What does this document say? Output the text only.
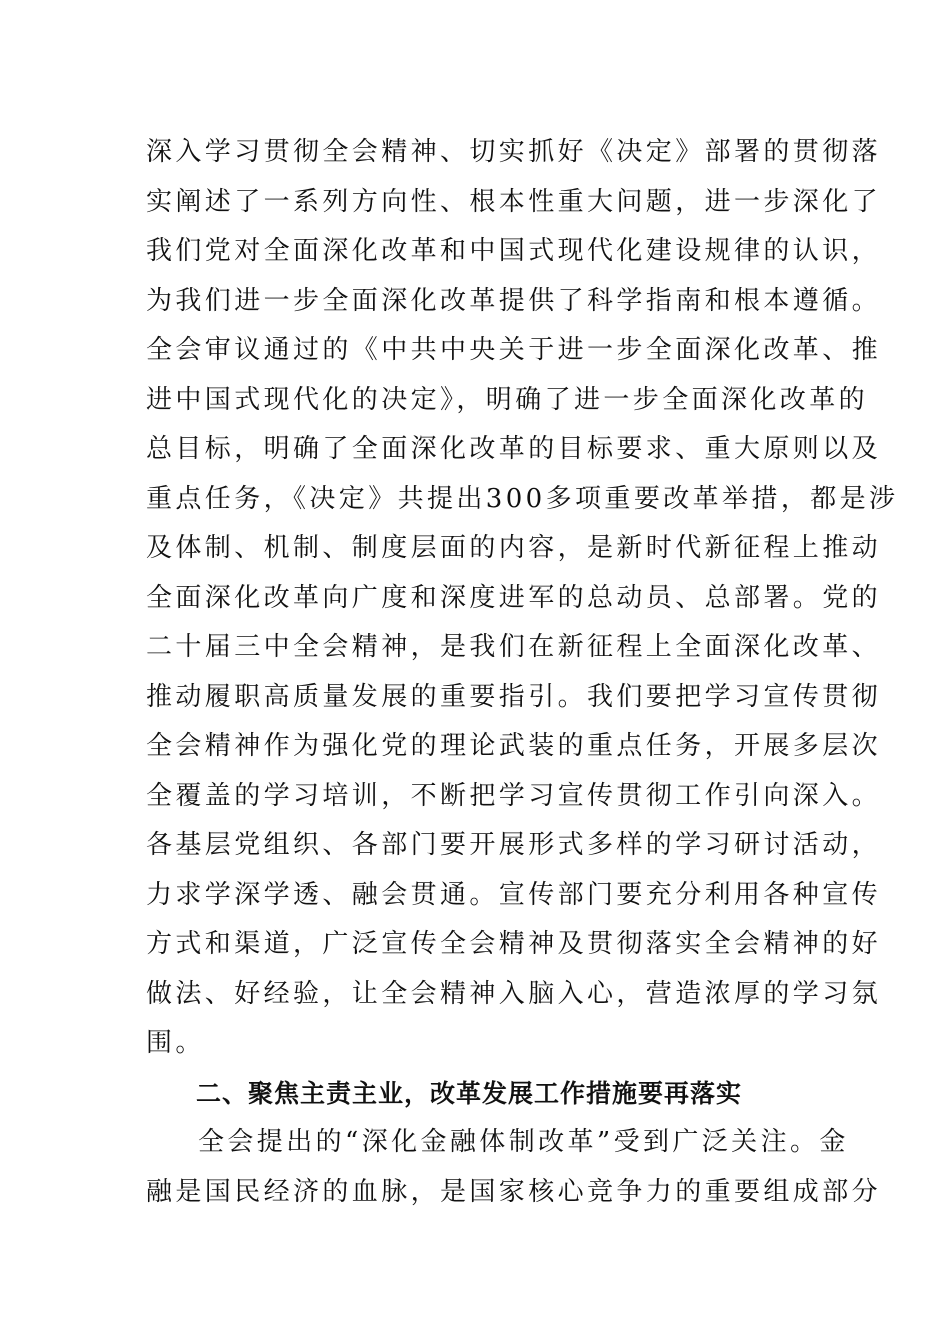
深入学习贯彻全会精神、切实抓好《决定》部署的贯彻落
实阐述了一系列方向性、根本性重大问题，进一步深化了
我们党对全面深化改革和中国式现代化建设规律的认识，
为我们进一步全面深化改革提供了科学指南和根本遵循。
全会审议通过的《中共中央关于进一步全面深化改革、推
进中国式现代化的决定》，明确了进一步全面深化改革的
总目标，明确了全面深化改革的目标要求、重大原则以及
重点任务，《决定》共提出300多项重要改革举措，都是涉
及体制、机制、制度层面的内容，是新时代新征程上推动
全面深化改革向广度和深度进军的总动员、总部署。党的
二十届三中全会精神，是我们在新征程上全面深化改革、
推动履职高质量发展的重要指引。我们要把学习宣传贯彻
全会精神作为强化党的理论武装的重点任务，开展多层次
全覆盖的学习培训，不断把学习宣传贯彻工作引向深入。
各基层党组织、各部门要开展形式多样的学习研讨活动，
力求学深学透、融会贯通。宣传部门要充分利用各种宣传
方式和渠道，广泛宣传全会精神及贯彻落实全会精神的好
做法、好经验，让全会精神入脑入心，营造浓厚的学习氛
围。
二、聚焦主责主业，改革发展工作措施要再落实
全会提出的“深化金融体制改革”受到广泛关注。金
融是国民经济的血脉，是国家核心竞争力的重要组成部分
